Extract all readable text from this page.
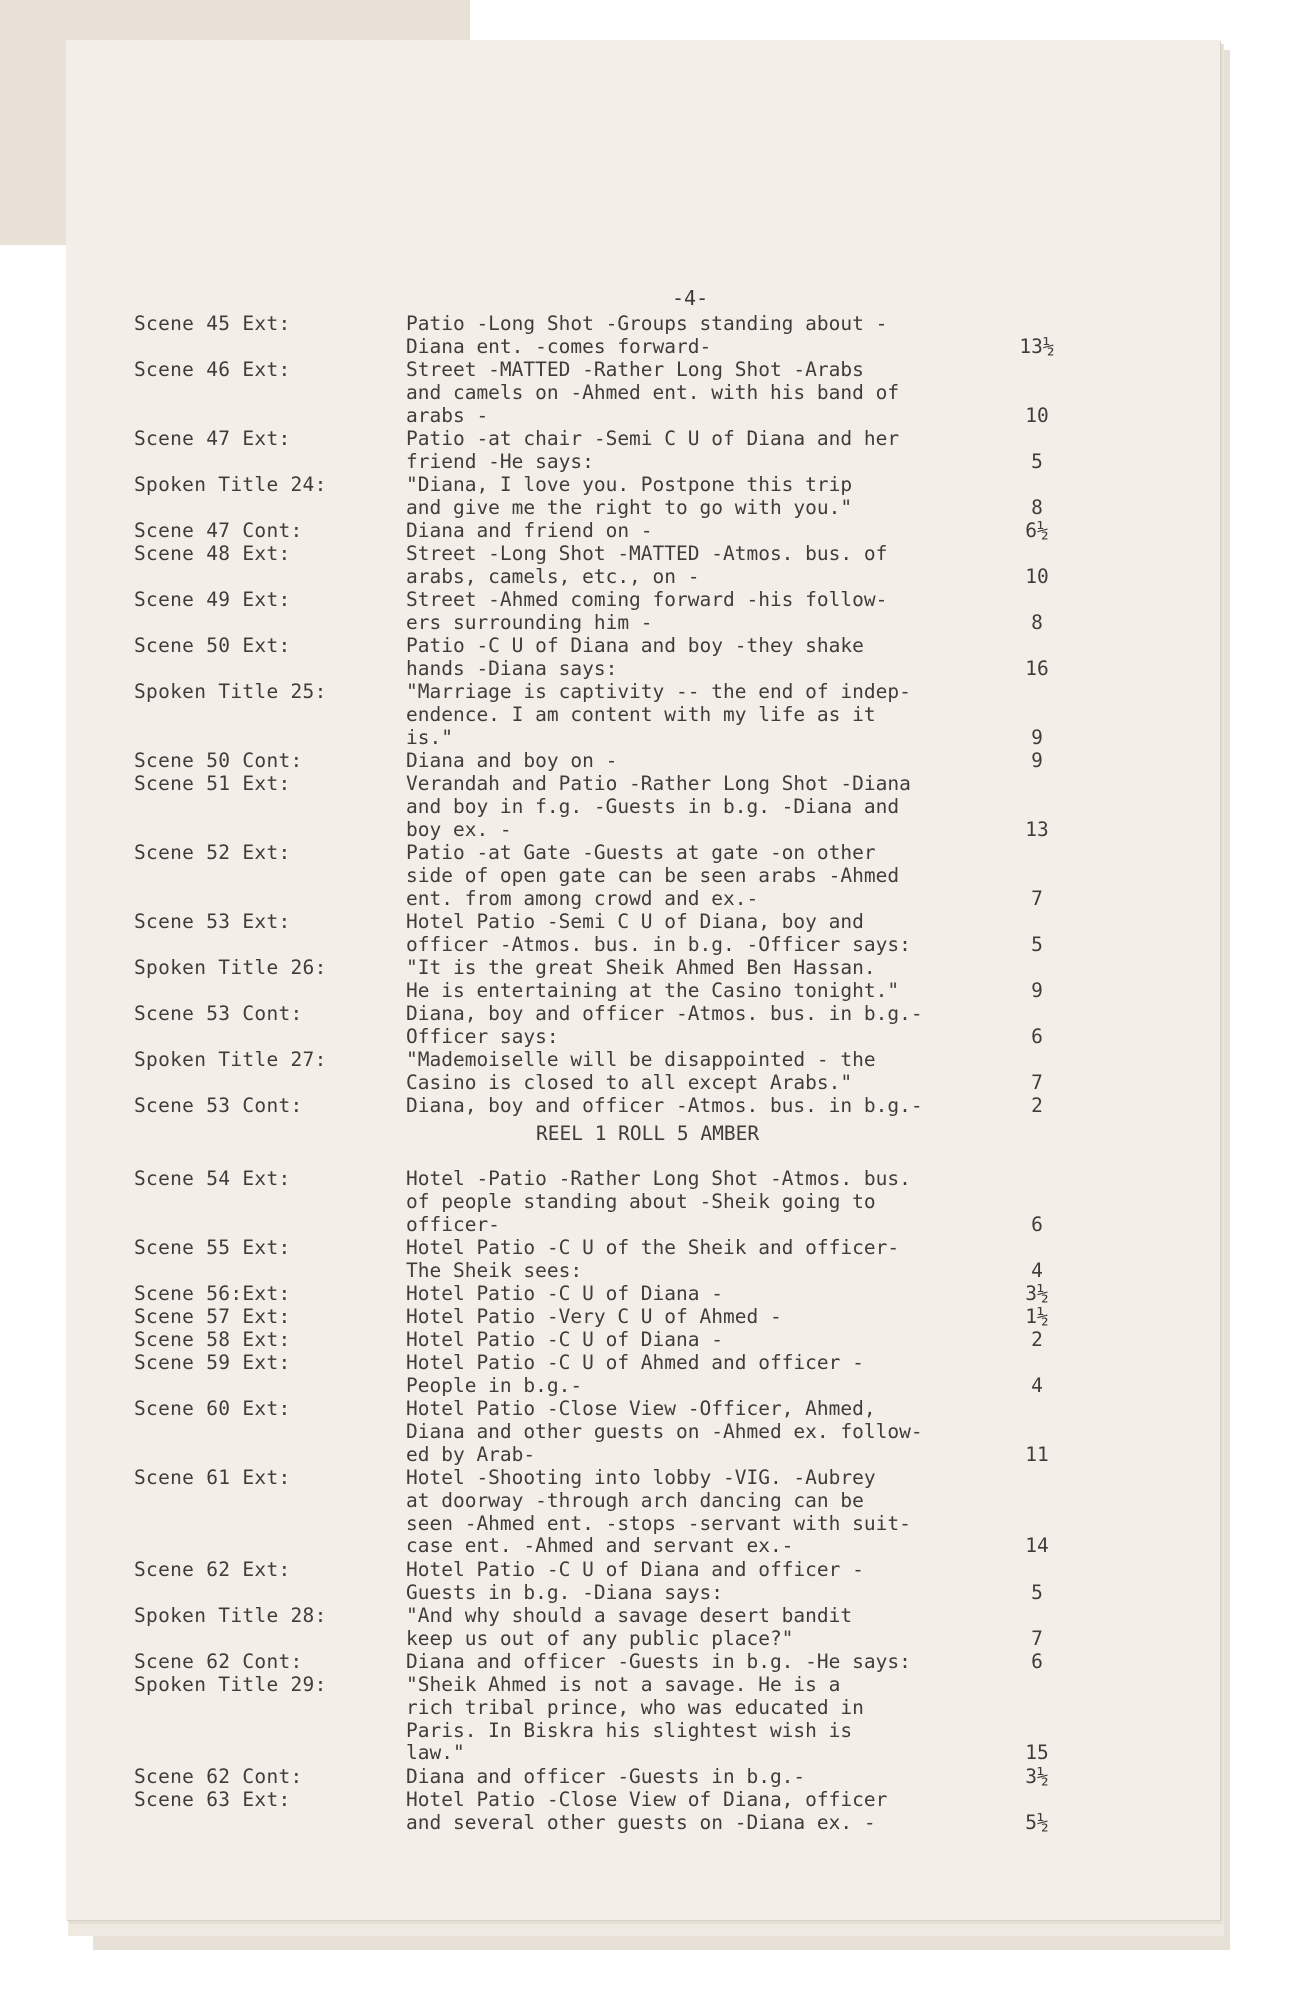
-4-
Scene 45 Ext:	Patio -Long Shot -Groups standing about -
Diana ent. -comes forward-	13½
Scene 46 Ext:	Street -MATTED -Rather Long Shot -Arabs
and camels on -Ahmed ent. with his band of
arabs -	10
Scene 47 Ext:	Patio -at chair -Semi C U of Diana and her
friend -He says:	5
Spoken Title 24:	"Diana, I love you. Postpone this trip
and give me the right to go with you."	8
Scene 47 Cont:	Diana and friend on -	6½
Scene 48 Ext:	Street -Long Shot -MATTED -Atmos. bus. of
arabs, camels, etc., on -	10
Scene 49 Ext:	Street -Ahmed coming forward -his follow-
ers surrounding him -	8
Scene 50 Ext:	Patio -C U of Diana and boy -they shake
hands -Diana says:	16
Spoken Title 25:	"Marriage is captivity -- the end of indep-
endence. I am content with my life as it
is."	9
Scene 50 Cont:	Diana and boy on -	9
Scene 51 Ext:	Verandah and Patio -Rather Long Shot -Diana
and boy in f.g. -Guests in b.g. -Diana and
boy ex. -	13
Scene 52 Ext:	Patio -at Gate -Guests at gate -on other
side of open gate can be seen arabs -Ahmed
ent. from among crowd and ex.-	7
Scene 53 Ext:	Hotel Patio -Semi C U of Diana, boy and
officer -Atmos. bus. in b.g. -Officer says:	5
Spoken Title 26:	"It is the great Sheik Ahmed Ben Hassan.
He is entertaining at the Casino tonight."	9
Scene 53 Cont:	Diana, boy and officer -Atmos. bus. in b.g.-
Officer says:	6
Spoken Title 27:	"Mademoiselle will be disappointed - the
Casino is closed to all except Arabs."	7
Scene 53 Cont:	Diana, boy and officer -Atmos. bus. in b.g.-	2
Scene 54 Ext:	Hotel -Patio -Rather Long Shot -Atmos. bus.
of people standing about -Sheik going to
officer-	6
Scene 55 Ext:	Hotel Patio -C U of the Sheik and officer-
The Sheik sees:	4
Scene 56:Ext:	Hotel Patio -C U of Diana -	3½
Scene 57 Ext:	Hotel Patio -Very C U of Ahmed -	1½
Scene 58 Ext:	Hotel Patio -C U of Diana -	2
Scene 59 Ext:	Hotel Patio -C U of Ahmed and officer -
People in b.g.-	4
Scene 60 Ext:	Hotel Patio -Close View -Officer, Ahmed,
Diana and other guests on -Ahmed ex. follow-
ed by Arab-	11
Scene 61 Ext:	Hotel -Shooting into lobby -VIG. -Aubrey
at doorway -through arch dancing can be
seen -Ahmed ent. -stops -servant with suit-
case ent. -Ahmed and servant ex.-	14
Scene 62 Ext:	Hotel Patio -C U of Diana and officer -
Guests in b.g. -Diana says:	5
Spoken Title 28:	"And why should a savage desert bandit
keep us out of any public place?"	7
Scene 62 Cont:	Diana and officer -Guests in b.g. -He says:	6
Spoken Title 29:	"Sheik Ahmed is not a savage. He is a
rich tribal prince, who was educated in
Paris. In Biskra his slightest wish is
law."	15
Scene 62 Cont:	Diana and officer -Guests in b.g.-	3½
Scene 63 Ext:	Hotel Patio -Close View of Diana, officer
and several other guests on -Diana ex. -	5½
REEL 1 ROLL 5 AMBER
